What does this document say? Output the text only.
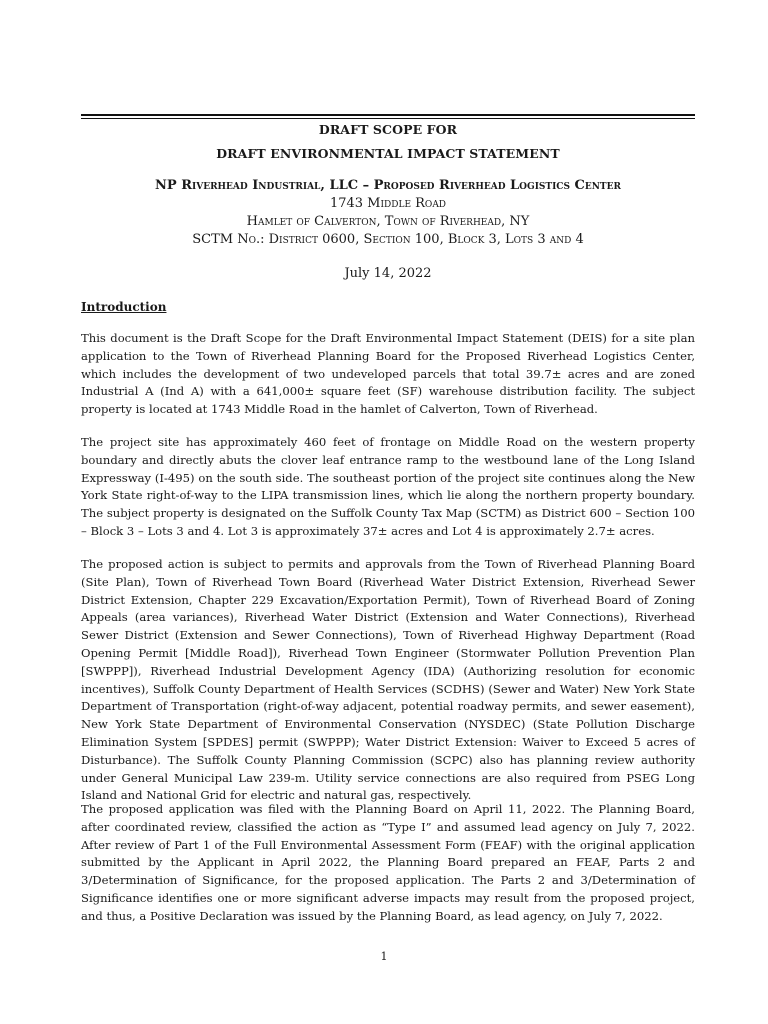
DRAFT SCOPE FOR
DRAFT ENVIRONMENTAL IMPACT STATEMENT
NP Riverhead Industrial, LLC – Proposed Riverhead Logistics Center
1743 Middle Road
Hamlet of Calverton, Town of Riverhead, NY
SCTM No.: District 0600, Section 100, Block 3, Lots 3 and 4
July 14, 2022
Introduction
This document is the Draft Scope for the Draft Environmental Impact Statement (DEIS) for a site plan application to the Town of Riverhead Planning Board for the Proposed Riverhead Logistics Center, which includes the development of two undeveloped parcels that total 39.7± acres and are zoned Industrial A (Ind A) with a 641,000± square feet (SF) warehouse distribution facility. The subject property is located at 1743 Middle Road in the hamlet of Calverton, Town of Riverhead.
The project site has approximately 460 feet of frontage on Middle Road on the western property boundary and directly abuts the clover leaf entrance ramp to the westbound lane of the Long Island Expressway (I-495) on the south side. The southeast portion of the project site continues along the New York State right-of-way to the LIPA transmission lines, which lie along the northern property boundary. The subject property is designated on the Suffolk County Tax Map (SCTM) as District 600 – Section 100 – Block 3 – Lots 3 and 4. Lot 3 is approximately 37± acres and Lot 4 is approximately 2.7± acres.
The proposed action is subject to permits and approvals from the Town of Riverhead Planning Board (Site Plan), Town of Riverhead Town Board (Riverhead Water District Extension, Riverhead Sewer District Extension, Chapter 229 Excavation/Exportation Permit), Town of Riverhead Board of Zoning Appeals (area variances), Riverhead Water District (Extension and Water Connections), Riverhead Sewer District (Extension and Sewer Connections), Town of Riverhead Highway Department (Road Opening Permit [Middle Road]), Riverhead Town Engineer (Stormwater Pollution Prevention Plan [SWPPP]), Riverhead Industrial Development Agency (IDA) (Authorizing resolution for economic incentives), Suffolk County Department of Health Services (SCDHS) (Sewer and Water) New York State Department of Transportation (right-of-way adjacent, potential roadway permits, and sewer easement), New York State Department of Environmental Conservation (NYSDEC) (State Pollution Discharge Elimination System [SPDES] permit (SWPPP); Water District Extension: Waiver to Exceed 5 acres of Disturbance). The Suffolk County Planning Commission (SCPC) also has planning review authority under General Municipal Law 239-m. Utility service connections are also required from PSEG Long Island and National Grid for electric and natural gas, respectively.
The proposed application was filed with the Planning Board on April 11, 2022. The Planning Board, after coordinated review, classified the action as “Type I” and assumed lead agency on July 7, 2022. After review of Part 1 of the Full Environmental Assessment Form (FEAF) with the original application submitted by the Applicant in April 2022, the Planning Board prepared an FEAF, Parts 2 and 3/Determination of Significance, for the proposed application. The Parts 2 and 3/Determination of Significance identifies one or more significant adverse impacts may result from the proposed project, and thus, a Positive Declaration was issued by the Planning Board, as lead agency, on July 7, 2022.
1
